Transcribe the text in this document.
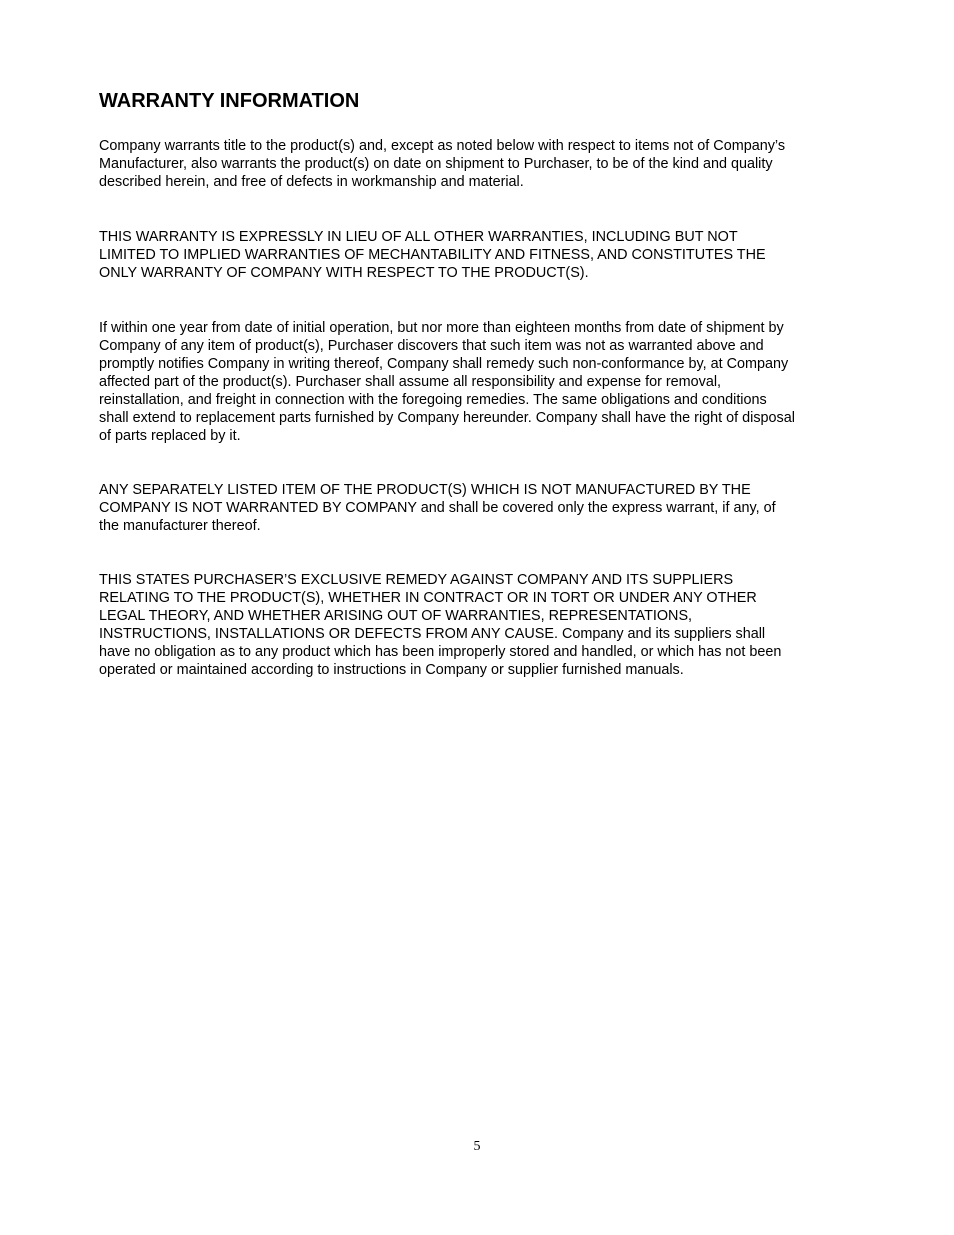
WARRANTY INFORMATION
Company warrants title to the product(s) and, except as noted below with respect to items not of Company’s
Manufacturer, also warrants the product(s) on date on shipment to Purchaser, to be of the kind and quality
described herein, and free of defects in workmanship and material.
THIS WARRANTY IS EXPRESSLY IN LIEU OF ALL OTHER WARRANTIES, INCLUDING BUT NOT
LIMITED TO IMPLIED WARRANTIES OF MECHANTABILITY AND FITNESS, AND CONSTITUTES THE
ONLY WARRANTY OF COMPANY WITH RESPECT TO THE PRODUCT(S).
If within one year from date of initial operation, but nor more than eighteen months from date of shipment by
Company of any item of product(s), Purchaser discovers that such item was not as warranted above and
promptly notifies Company in writing thereof, Company shall remedy such non-conformance by, at Company
affected part of the product(s). Purchaser shall assume all responsibility and expense for removal,
reinstallation, and freight in connection with the foregoing remedies. The same obligations and conditions
shall extend to replacement parts furnished by Company hereunder. Company shall have the right of disposal
of parts replaced by it.
ANY SEPARATELY LISTED ITEM OF THE PRODUCT(S) WHICH IS NOT MANUFACTURED BY THE
COMPANY IS NOT WARRANTED BY COMPANY and shall be covered only the express warrant, if any, of
the manufacturer thereof.
THIS STATES PURCHASER’S EXCLUSIVE REMEDY AGAINST COMPANY AND ITS SUPPLIERS
RELATING TO THE PRODUCT(S), WHETHER IN CONTRACT OR IN TORT OR UNDER ANY OTHER
LEGAL THEORY, AND WHETHER ARISING OUT OF WARRANTIES, REPRESENTATIONS,
INSTRUCTIONS, INSTALLATIONS OR DEFECTS FROM ANY CAUSE. Company and its suppliers shall
have no obligation as to any product which has been improperly stored and handled, or which has not been
operated or maintained according to instructions in Company or supplier furnished manuals.
5
